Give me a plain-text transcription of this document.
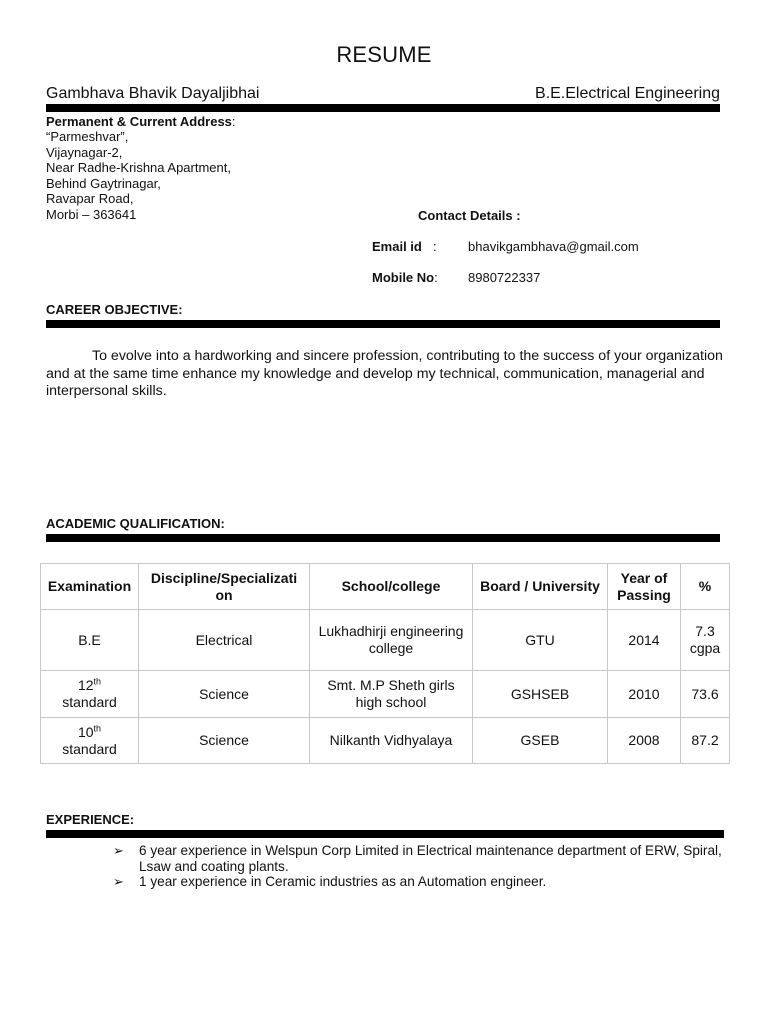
RESUME
Gambhava Bhavik Dayaljibhai	B.E.Electrical Engineering
Permanent & Current Address:
“Parmeshvar”,
Vijaynagar-2,
Near Radhe-Krishna Apartment,
Behind Gaytrinagar,
Ravapar Road,
Morbi – 363641	Contact Details :
Email id : bhavikgambhava@gmail.com
Mobile No: 8980722337
CAREER OBJECTIVE:
To evolve into a hardworking and sincere profession, contributing to the success of your organization and at the same time enhance my knowledge and develop my technical, communication, managerial and interpersonal skills.
ACADEMIC QUALIFICATION:
Examination	Discipline/Specializati on	School/college	Board / University	Year of Passing	%
B.E	Electrical	Lukhadhirji engineering college	GTU	2014	7.3 cgpa
12th
standard	Science	Smt. M.P Sheth girls high school	GSHSEB	2010	73.6
10th
standard	Science	Nilkanth Vidhyalaya	GSEB	2008	87.2
EXPERIENCE:
➢ 6 year experience in Welspun Corp Limited in Electrical maintenance department of ERW, Spiral, Lsaw and coating plants.
➢ 1 year experience in Ceramic industries as an Automation engineer.
